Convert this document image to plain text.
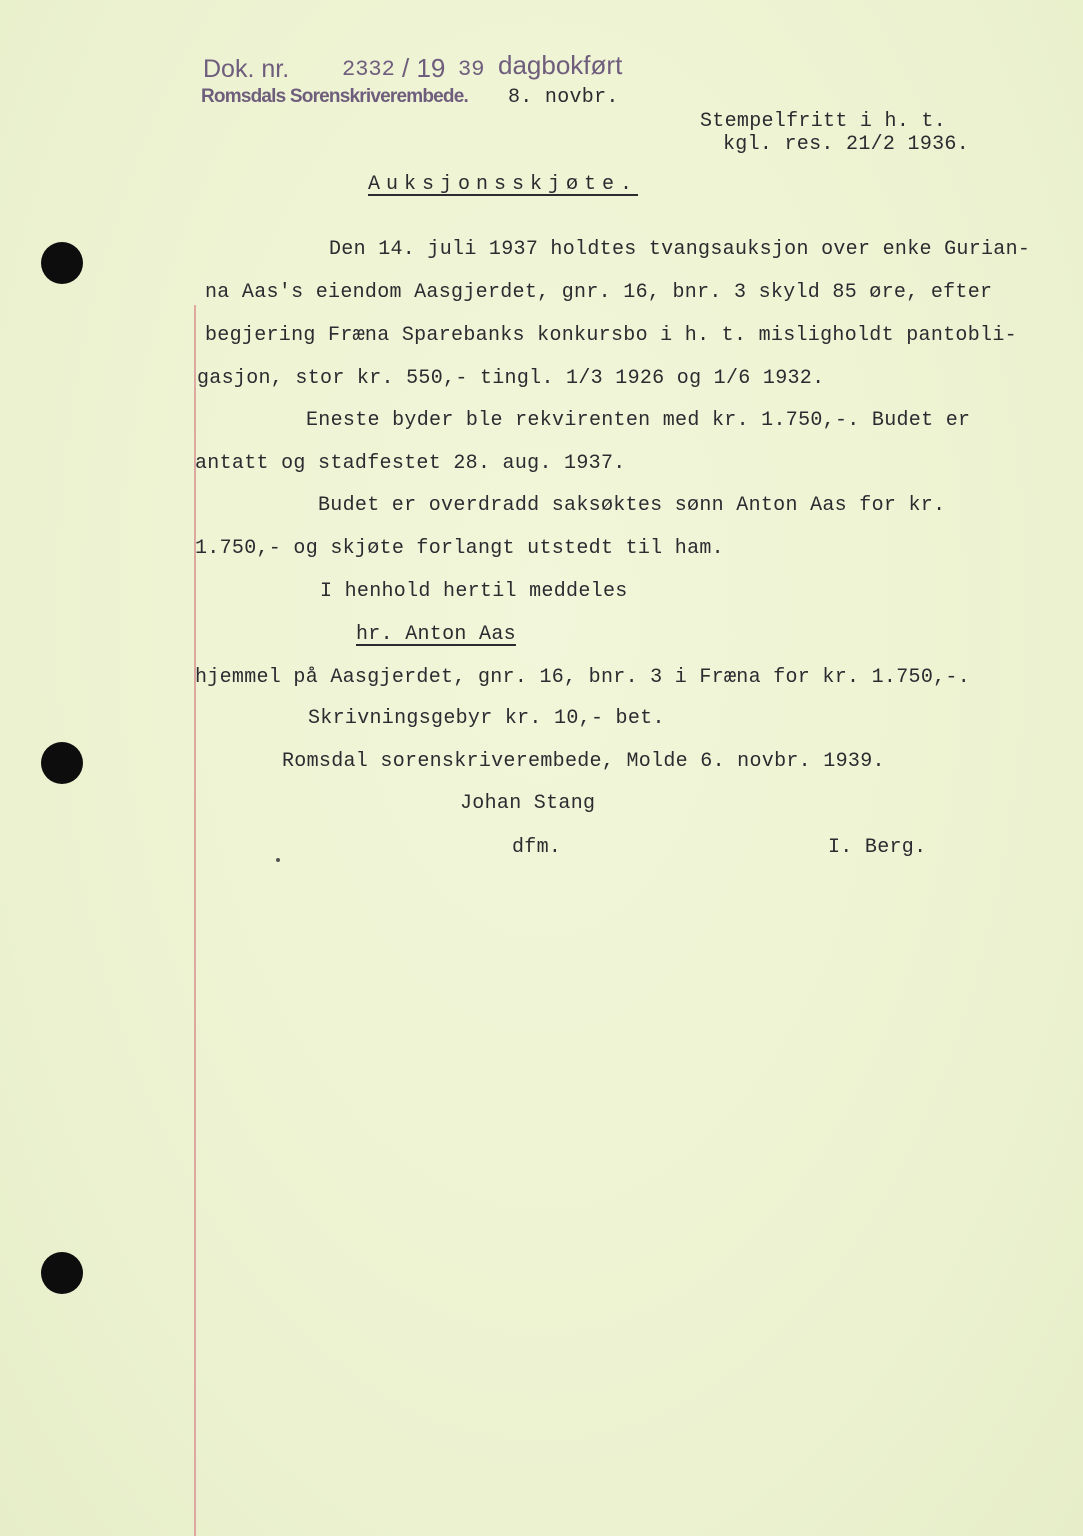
Dok. nr. 2332 / 19 39 dagbokført
Romsdals Sorenskriverembede. 8. novbr.
Stempelfritt i h. t.
kgl. res. 21/2 1936.
Auksjonsskjøte.
Den 14. juli 1937 holdtes tvangsauksjon over enke Gurian-
na Aas's eiendom Aasgjerdet, gnr. 16, bnr. 3 skyld 85 øre, efter
begjering Fræna Sparebanks konkursbo i h. t. misligholdt pantobli-
gasjon, stor kr. 550,- tingl. 1/3 1926 og 1/6 1932.
Eneste byder ble rekvirenten med kr. 1.750,-. Budet er
antatt og stadfestet 28. aug. 1937.
Budet er overdradd saksøktes sønn Anton Aas for kr.
1.750,- og skjøte forlangt utstedt til ham.
I henhold hertil meddeles
hr. Anton Aas
hjemmel på Aasgjerdet, gnr. 16, bnr. 3 i Fræna for kr. 1.750,-.
Skrivningsgebyr kr. 10,- bet.
Romsdal sorenskriverembede, Molde 6. novbr. 1939.
Johan Stang
dfm.	I. Berg.
